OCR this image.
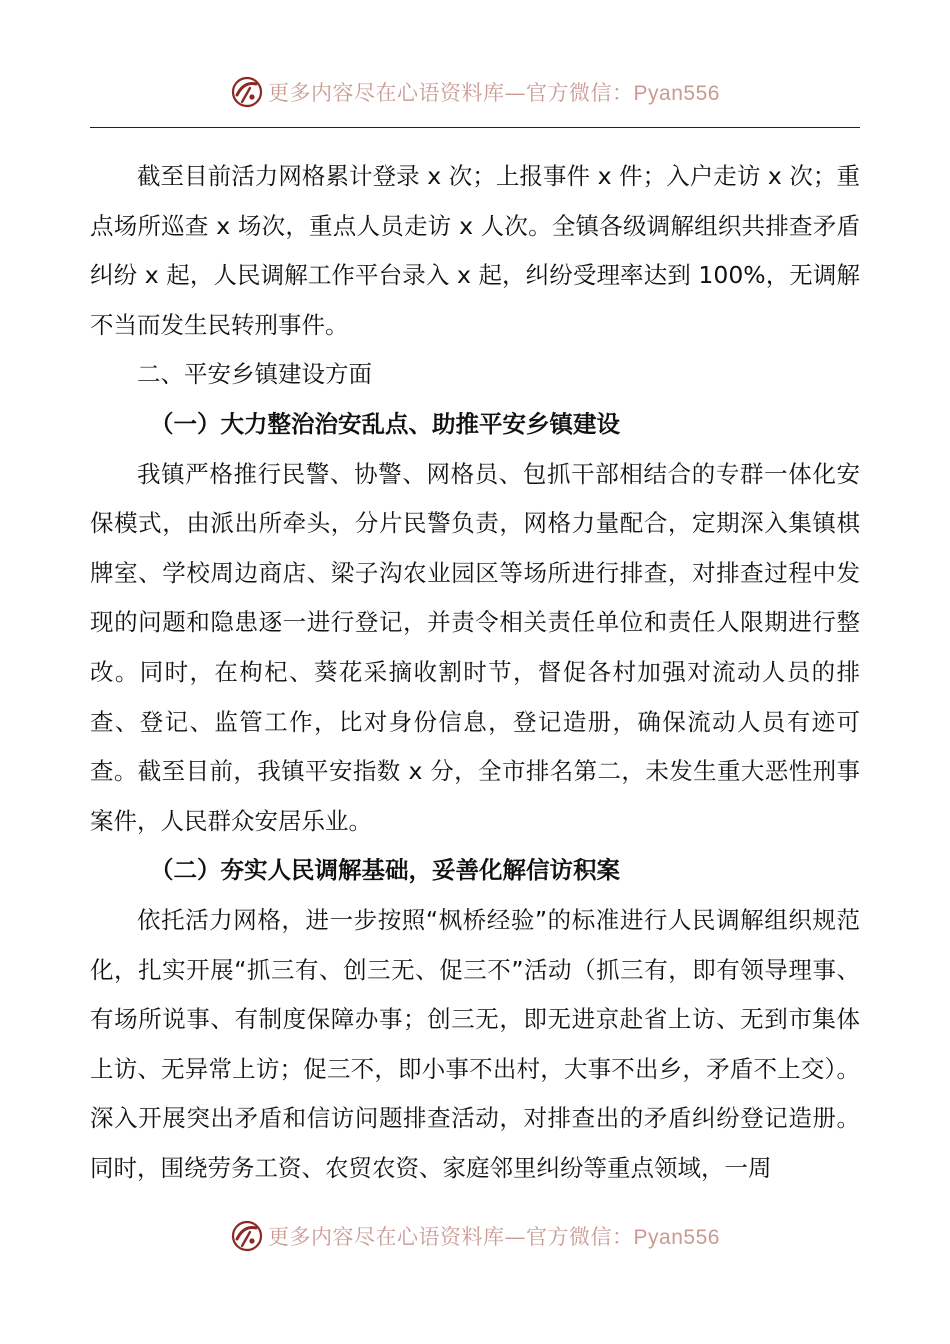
更多内容尽在心语资料库—官方微信：Pyan556

截至目前活力网格累计登录 x 次；上报事件 x 件；入户走访 x 次；重点场所巡查 x 场次，重点人员走访 x 人次。全镇各级调解组织共排查矛盾纠纷 x 起，人民调解工作平台录入 x 起，纠纷受理率达到 100%，无调解不当而发生民转刑事件。

二、平安乡镇建设方面

（一）大力整治治安乱点、助推平安乡镇建设

我镇严格推行民警、协警、网格员、包抓干部相结合的专群一体化安保模式，由派出所牵头，分片民警负责，网格力量配合，定期深入集镇棋牌室、学校周边商店、梁子沟农业园区等场所进行排查，对排查过程中发现的问题和隐患逐一进行登记，并责令相关责任单位和责任人限期进行整改。同时，在枸杞、葵花采摘收割时节，督促各村加强对流动人员的排查、登记、监管工作，比对身份信息，登记造册，确保流动人员有迹可查。截至目前，我镇平安指数 x 分，全市排名第二，未发生重大恶性刑事案件，人民群众安居乐业。

（二）夯实人民调解基础，妥善化解信访积案

依托活力网格，进一步按照“枫桥经验”的标准进行人民调解组织规范化，扎实开展“抓三有、创三无、促三不”活动（抓三有，即有领导理事、有场所说事、有制度保障办事；创三无，即无进京赴省上访、无到市集体上访、无异常上访；促三不，即小事不出村，大事不出乡，矛盾不上交）。深入开展突出矛盾和信访问题排查活动，对排查出的矛盾纠纷登记造册。同时，围绕劳务工资、农贸农资、家庭邻里纠纷等重点领域，一周

更多内容尽在心语资料库—官方微信：Pyan556
